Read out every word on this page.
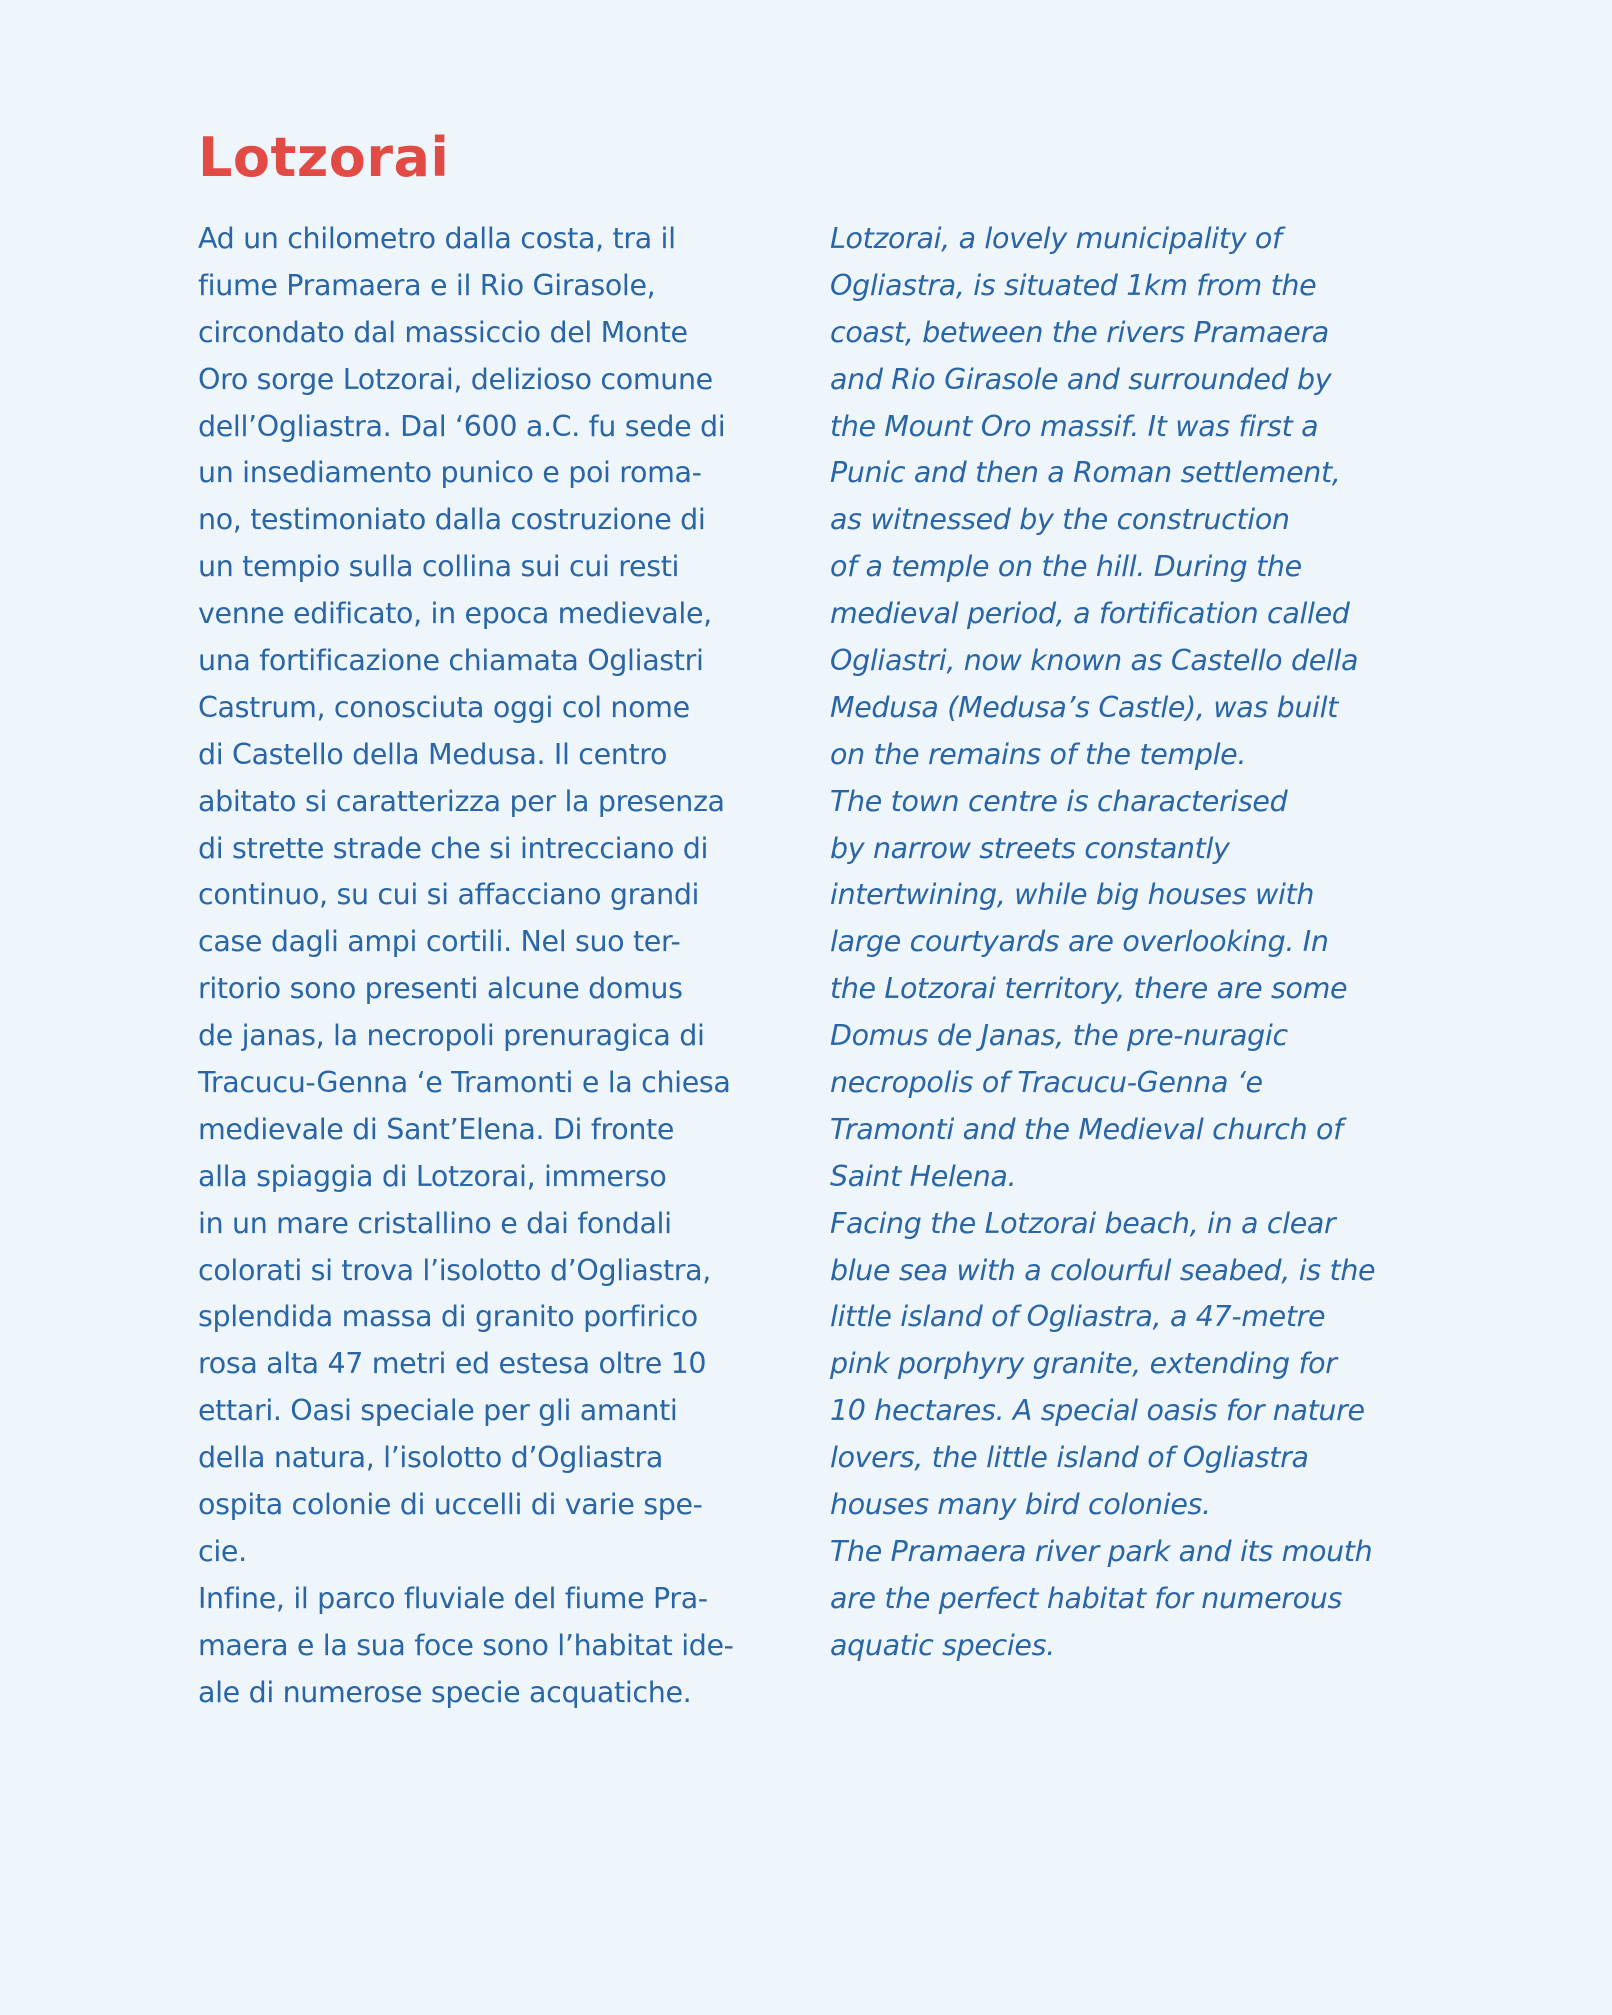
Lotzorai
Ad un chilometro dalla costa, tra il
fiume Pramaera e il Rio Girasole,
circondato dal massiccio del Monte
Oro sorge Lotzorai, delizioso comune
dell’Ogliastra. Dal ‘600 a.C. fu sede di
un insediamento punico e poi roma-
no, testimoniato dalla costruzione di
un tempio sulla collina sui cui resti
venne edificato, in epoca medievale,
una fortificazione chiamata Ogliastri
Castrum, conosciuta oggi col nome
di Castello della Medusa. Il centro
abitato si caratterizza per la presenza
di strette strade che si intrecciano di
continuo, su cui si affacciano grandi
case dagli ampi cortili. Nel suo ter-
ritorio sono presenti alcune domus
de janas, la necropoli prenuragica di
Tracucu-Genna ‘e Tramonti e la chiesa
medievale di Sant’Elena. Di fronte
alla spiaggia di Lotzorai, immerso
in un mare cristallino e dai fondali
colorati si trova l’isolotto d’Ogliastra,
splendida massa di granito porfirico
rosa alta 47 metri ed estesa oltre 10
ettari. Oasi speciale per gli amanti
della natura, l’isolotto d’Ogliastra
ospita colonie di uccelli di varie spe-
cie.
Infine, il parco fluviale del fiume Pra-
maera e la sua foce sono l’habitat ide-
ale di numerose specie acquatiche.
Lotzorai, a lovely municipality of
Ogliastra, is situated 1km from the
coast, between the rivers Pramaera
and Rio Girasole and surrounded by
the Mount Oro massif. It was first a
Punic and then a Roman settlement,
as witnessed by the construction
of a temple on the hill. During the
medieval period, a fortification called
Ogliastri, now known as Castello della
Medusa (Medusa’s Castle), was built
on the remains of the temple.
The town centre is characterised
by narrow streets constantly
intertwining, while big houses with
large courtyards are overlooking. In
the Lotzorai territory, there are some
Domus de Janas, the pre-nuragic
necropolis of Tracucu-Genna ‘e
Tramonti and the Medieval church of
Saint Helena.
Facing the Lotzorai beach, in a clear
blue sea with a colourful seabed, is the
little island of Ogliastra, a 47-metre
pink porphyry granite, extending for
10 hectares. A special oasis for nature
lovers, the little island of Ogliastra
houses many bird colonies.
The Pramaera river park and its mouth
are the perfect habitat for numerous
aquatic species.
